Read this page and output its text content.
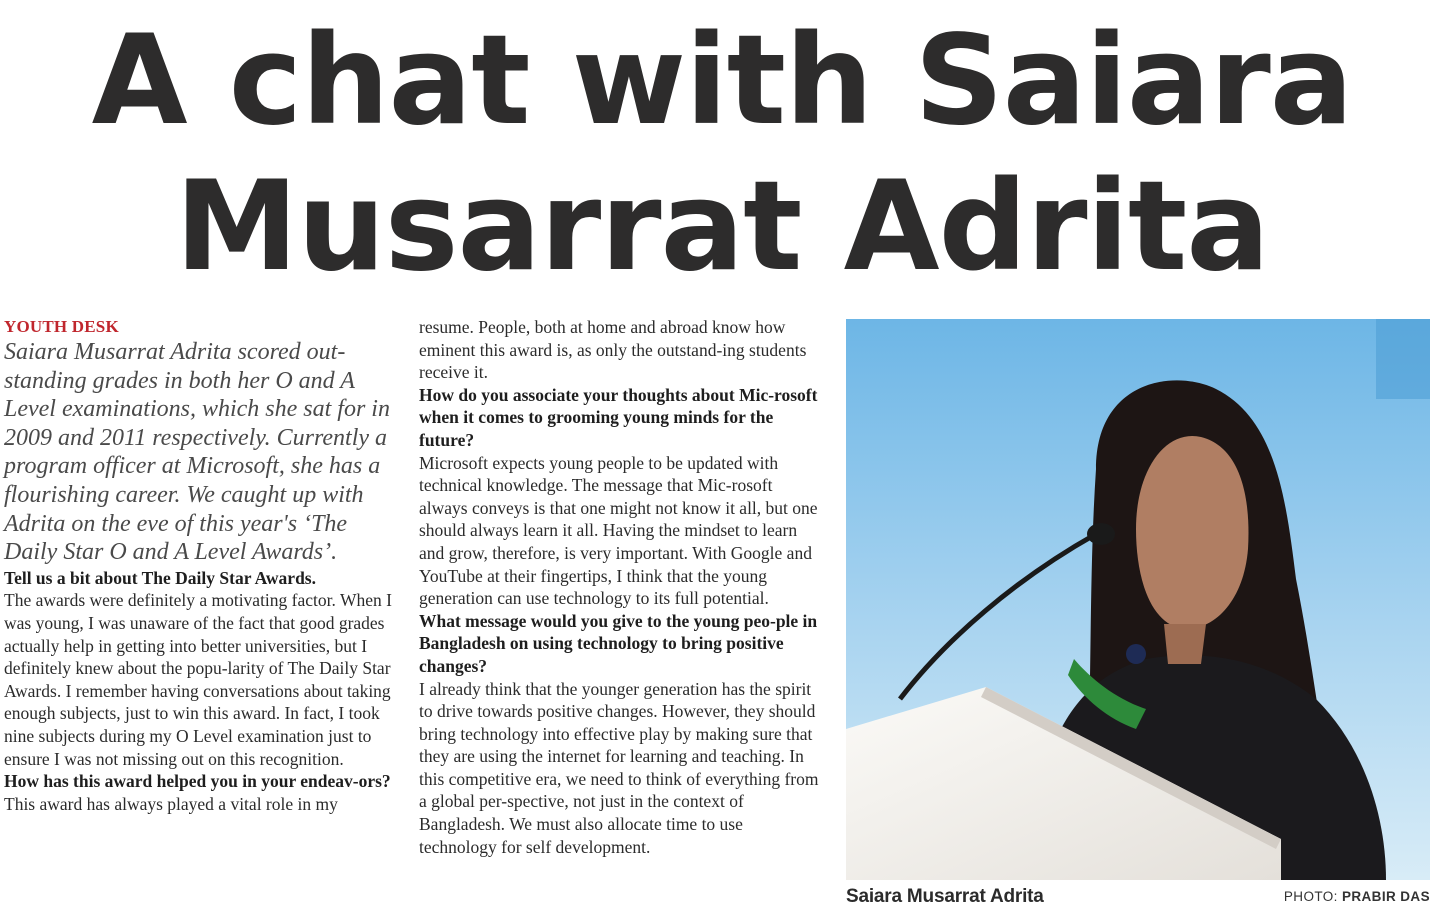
A chat with Saiara
Musarrat Adrita

YOUTH DESK

Saiara Musarrat Adrita scored out-standing grades in both her O and A Level examinations, which she sat for in 2009 and 2011 respectively. Currently a program officer at Microsoft, she has a flourishing career. We caught up with Adrita on the eve of this year's ‘The Daily Star O and A Level Awards’.

Tell us a bit about The Daily Star Awards.

The awards were definitely a motivating factor. When I was young, I was unaware of the fact that good grades actually help in getting into better universities, but I definitely knew about the popu-larity of The Daily Star Awards. I remember having conversations about taking enough subjects, just to win this award. In fact, I took nine subjects during my O Level examination just to ensure I was not missing out on this recognition.

How has this award helped you in your endeav-ors?

This award has always played a vital role in my

resume. People, both at home and abroad know how eminent this award is, as only the outstand-ing students receive it.

How do you associate your thoughts about Mic-rosoft when it comes to grooming young minds for the future?

Microsoft expects young people to be updated with technical knowledge. The message that Mic-rosoft always conveys is that one might not know it all, but one should always learn it all. Having the mindset to learn and grow, therefore, is very important. With Google and YouTube at their fingertips, I think that the young generation can use technology to its full potential.

What message would you give to the young peo-ple in Bangladesh on using technology to bring positive changes?

I already think that the younger generation has the spirit to drive towards positive changes. However, they should bring technology into effective play by making sure that they are using the internet for learning and teaching. In this competitive era, we need to think of everything from a global per-spective, not just in the context of Bangladesh. We must also allocate time to use technology for self development.

Saiara Musarrat Adrita	PHOTO: PRABIR DAS
